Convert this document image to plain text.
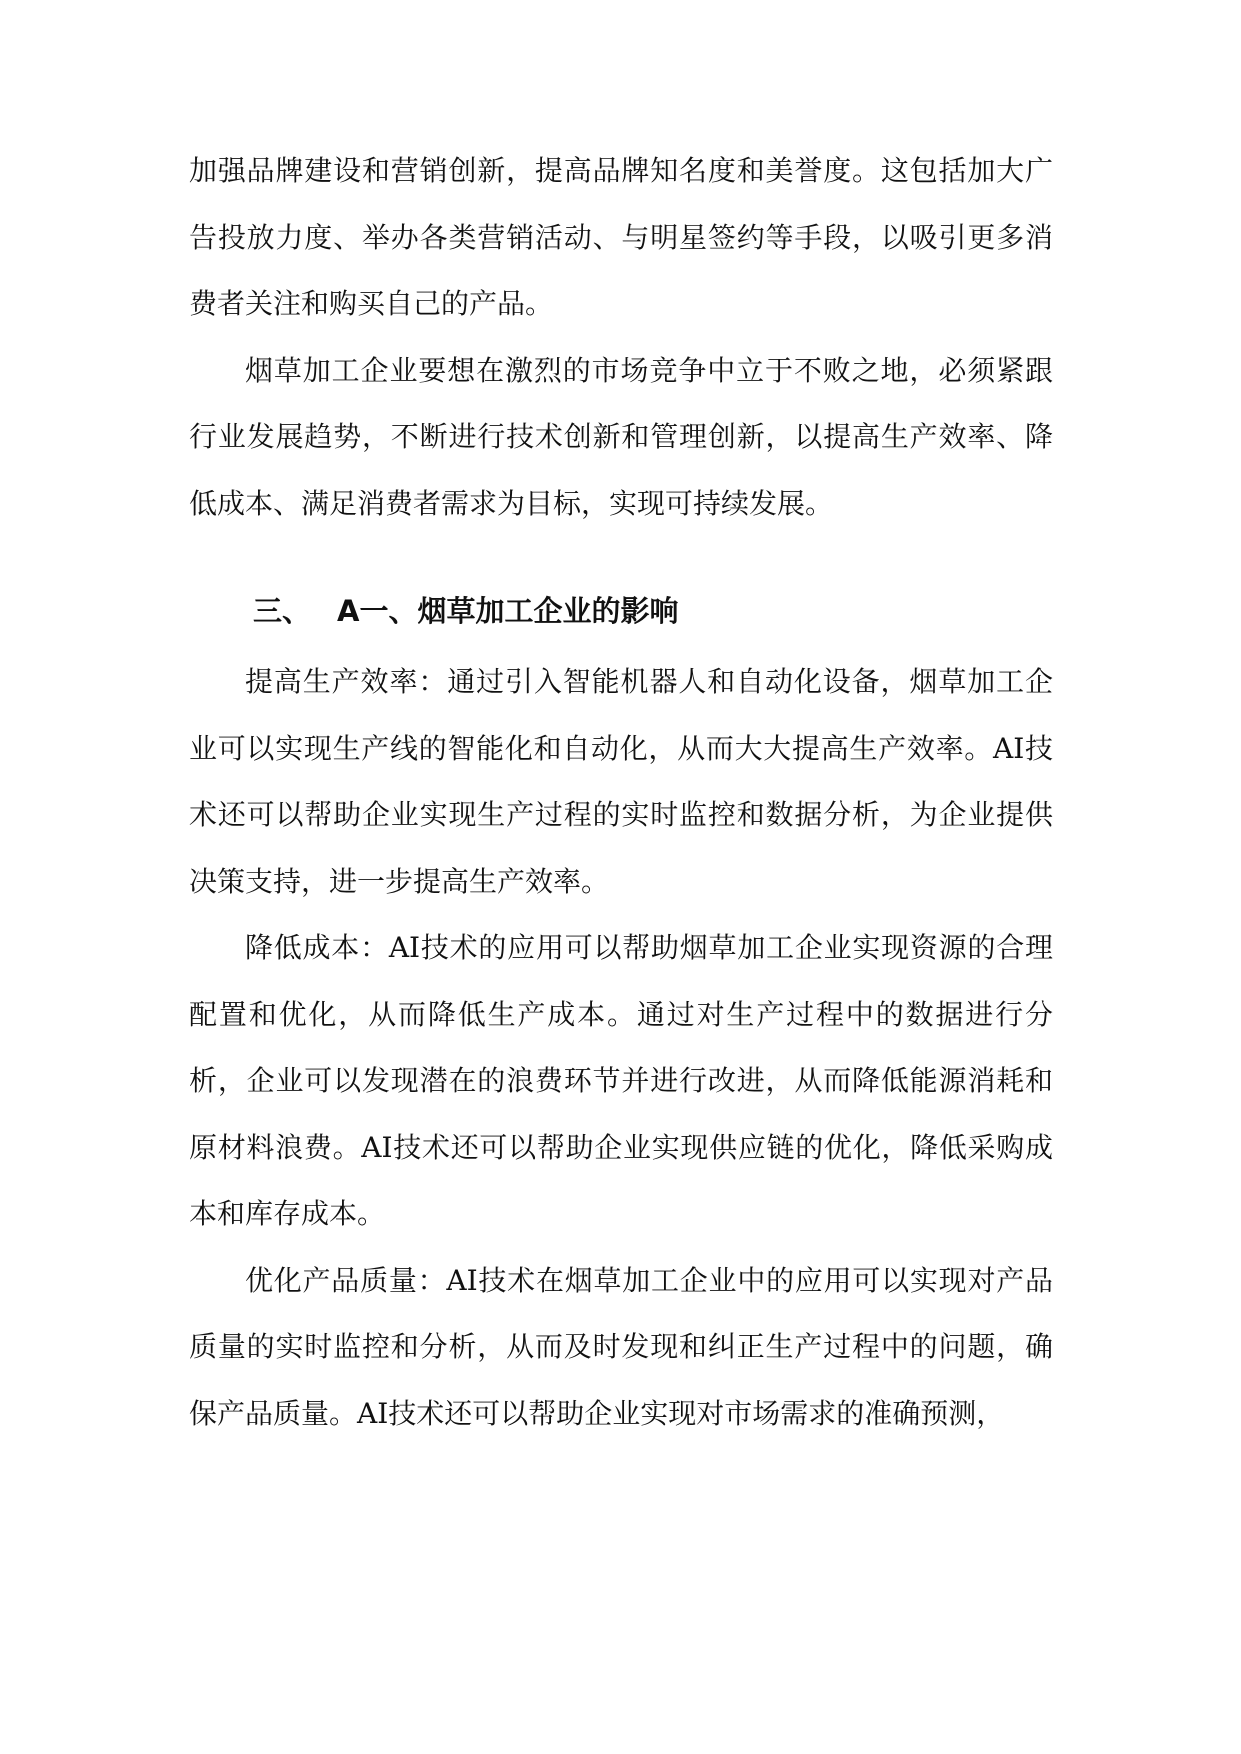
加强品牌建设和营销创新，提高品牌知名度和美誉度。这包括加大广告投放力度、举办各类营销活动、与明星签约等手段，以吸引更多消费者关注和购买自己的产品。

烟草加工企业要想在激烈的市场竞争中立于不败之地，必须紧跟行业发展趋势，不断进行技术创新和管理创新，以提高生产效率、降低成本、满足消费者需求为目标，实现可持续发展。

三、 A一、烟草加工企业的影响

提高生产效率：通过引入智能机器人和自动化设备，烟草加工企业可以实现生产线的智能化和自动化，从而大大提高生产效率。AI技术还可以帮助企业实现生产过程的实时监控和数据分析，为企业提供决策支持，进一步提高生产效率。

降低成本：AI技术的应用可以帮助烟草加工企业实现资源的合理配置和优化，从而降低生产成本。通过对生产过程中的数据进行分析，企业可以发现潜在的浪费环节并进行改进，从而降低能源消耗和原材料浪费。AI技术还可以帮助企业实现供应链的优化，降低采购成本和库存成本。

优化产品质量：AI技术在烟草加工企业中的应用可以实现对产品质量的实时监控和分析，从而及时发现和纠正生产过程中的问题，确保产品质量。AI技术还可以帮助企业实现对市场需求的准确预测，
